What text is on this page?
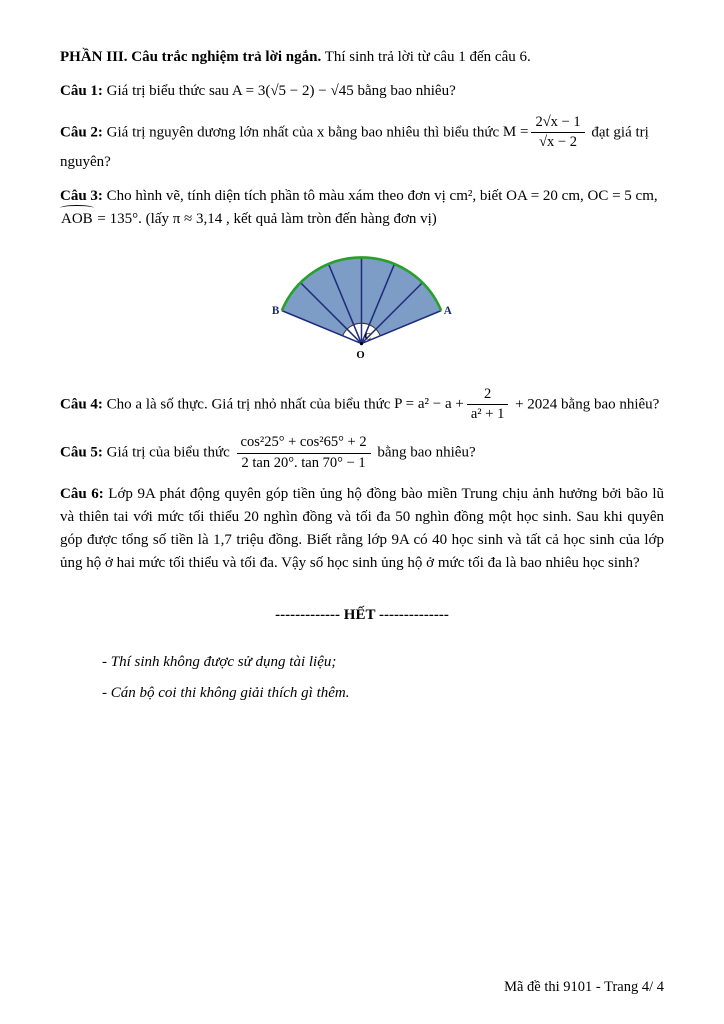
PHẦN III. Câu trắc nghiệm trả lời ngắn. Thí sinh trả lời từ câu 1 đến câu 6.

Câu 1: Giá trị biểu thức sau A = 3(√5 − 2) − √45 bằng bao nhiêu?

Câu 2: Giá trị nguyên dương lớn nhất của x bằng bao nhiêu thì biểu thức $M = \frac{2√x - 1}{√x - 2}$ đạt giá trị nguyên?

Câu 3: Cho hình vẽ, tính diện tích phần tô màu xám theo đơn vị cm², biết OA = 20 cm, OC = 5 cm, AOB = 135°. (lấy π ≈ 3,14 , kết quả làm tròn đến hàng đơn vị)

B	A
O
C

Câu 4: Cho a là số thực. Giá trị nhỏ nhất của biểu thức $P = a^2 - a + \frac{2}{\text{a² + 1}} + 2024$ bằng bao nhiêu?

Câu 5: Giá trị của biểu thức $\frac{\text{cos²25° + cos²65° + 2}}{2 \tan 20^\circ. \tan 70^\circ - 1}$ bằng bao nhiêu?

Câu 6: Lớp 9A phát động quyên góp tiền ủng hộ đồng bào miền Trung chịu ảnh hưởng bởi bão lũ và thiên tai với mức tối thiểu 20 nghìn đồng và tối đa 50 nghìn đồng một học sinh. Sau khi quyên góp được tổng số tiền là 1,7 triệu đồng. Biết rằng lớp 9A có 40 học sinh và tất cả học sinh của lớp ủng hộ ở hai mức tối thiểu và tối đa. Vậy số học sinh ủng hộ ở mức tối đa là bao nhiêu học sinh?

------------- HẾT --------------

- Thí sinh không được sử dụng tài liệu;

- Cán bộ coi thi không giải thích gì thêm.

Mã đề thi 9101 - Trang 4/ 4
